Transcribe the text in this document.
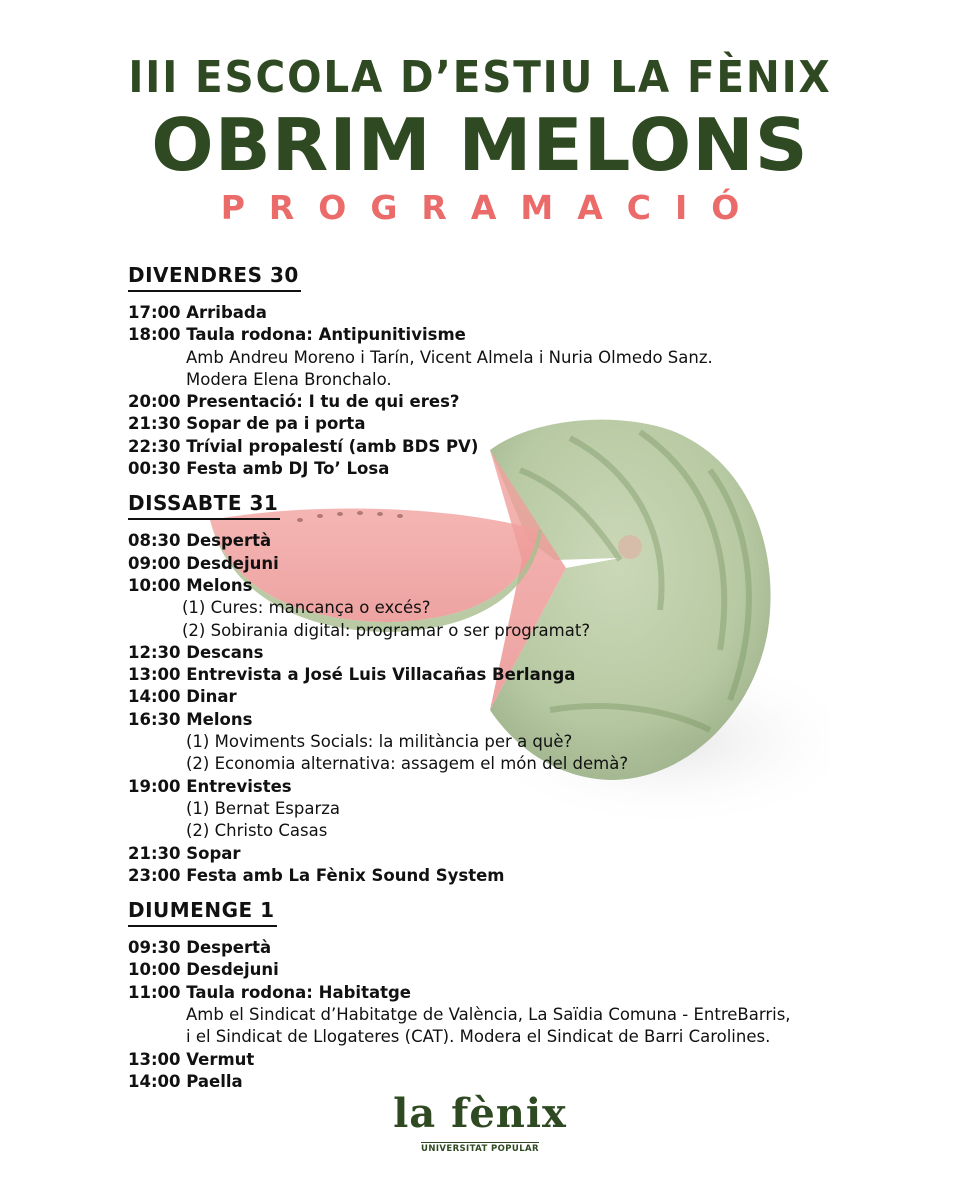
III ESCOLA D’ESTIU LA FÈNIX
OBRIM MELONS
PROGRAMACIÓ
DIVENDRES 30
17:00 Arribada
18:00 Taula rodona: Antipunitivisme
Amb Andreu Moreno i Tarín, Vicent Almela i Nuria Olmedo Sanz.
Modera Elena Bronchalo.
20:00 Presentació: I tu de qui eres?
21:30 Sopar de pa i porta
22:30 Trívial propalestí (amb BDS PV)
00:30 Festa amb DJ To’ Losa
DISSABTE 31
08:30 Despertà
09:00 Desdejuni
10:00 Melons
(1) Cures: mancança o excés?
(2) Sobirania digital: programar o ser programat?
12:30 Descans
13:00 Entrevista a José Luis Villacañas Berlanga
14:00 Dinar
16:30 Melons
(1) Moviments Socials: la militància per a què?
(2) Economia alternativa: assagem el món del demà?
19:00 Entrevistes
(1) Bernat Esparza
(2) Christo Casas
21:30 Sopar
23:00 Festa amb La Fènix Sound System
DIUMENGE 1
09:30 Despertà
10:00 Desdejuni
11:00 Taula rodona: Habitatge
Amb el Sindicat d’Habitatge de València, La Saïdia Comuna - EntreBarris,
i el Sindicat de Llogateres (CAT). Modera el Sindicat de Barri Carolines.
13:00 Vermut
14:00 Paella
la fènix
UNIVERSITAT POPULAR
